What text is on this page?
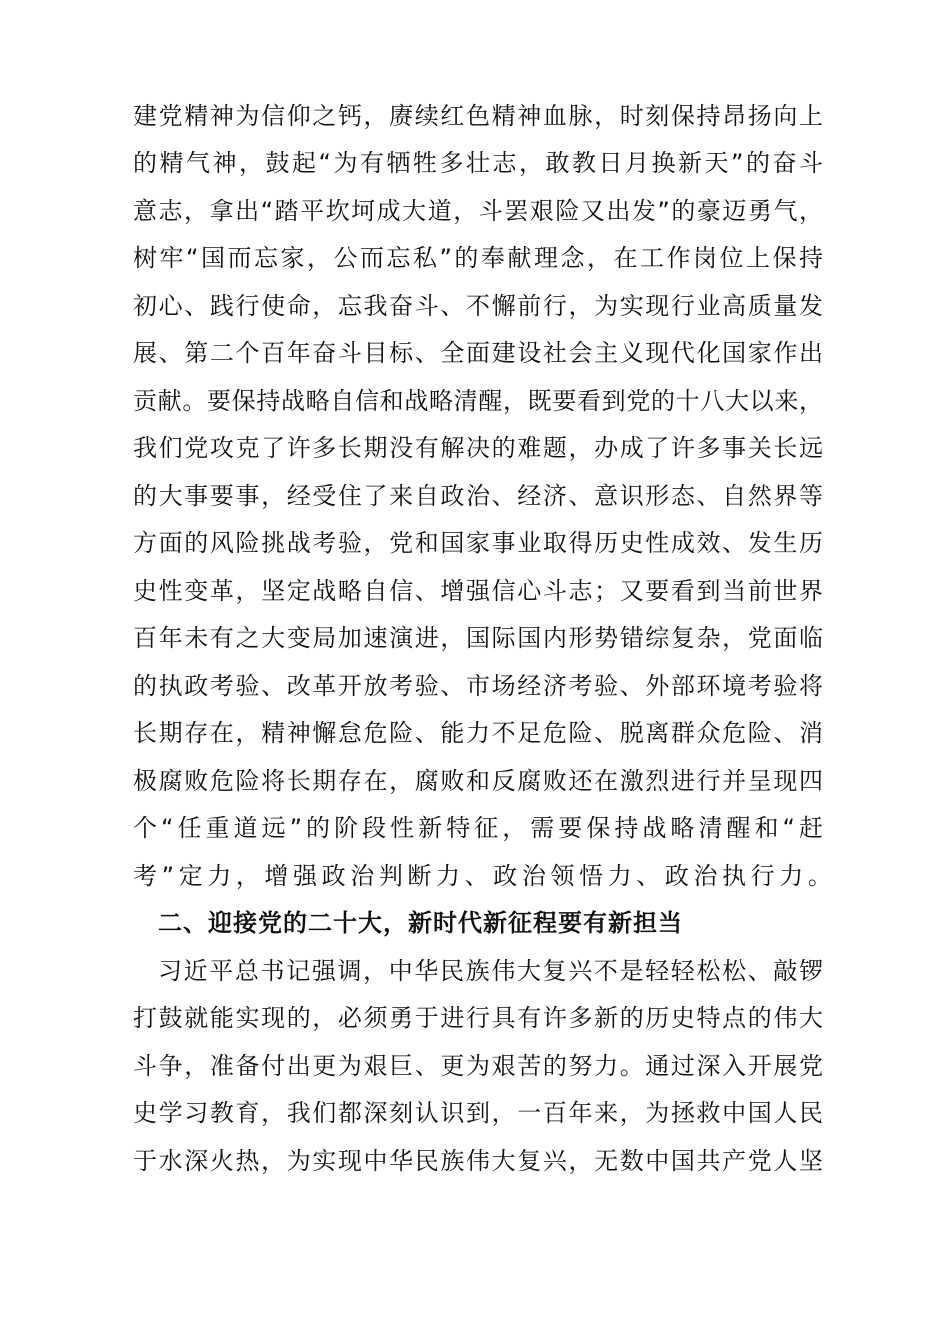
建党精神为信仰之钙，赓续红色精神血脉，时刻保持昂扬向上
的精气神，鼓起“为有牺牲多壮志，敢教日月换新天”的奋斗
意志，拿出“踏平坎坷成大道，斗罢艰险又出发”的豪迈勇气，
树牢“国而忘家，公而忘私”的奉献理念，在工作岗位上保持
初心、践行使命，忘我奋斗、不懈前行，为实现行业高质量发
展、第二个百年奋斗目标、全面建设社会主义现代化国家作出
贡献。要保持战略自信和战略清醒，既要看到党的十八大以来，
我们党攻克了许多长期没有解决的难题，办成了许多事关长远
的大事要事，经受住了来自政治、经济、意识形态、自然界等
方面的风险挑战考验，党和国家事业取得历史性成效、发生历
史性变革，坚定战略自信、增强信心斗志；又要看到当前世界
百年未有之大变局加速演进，国际国内形势错综复杂，党面临
的执政考验、改革开放考验、市场经济考验、外部环境考验将
长期存在，精神懈怠危险、能力不足危险、脱离群众危险、消
极腐败危险将长期存在，腐败和反腐败还在激烈进行并呈现四
个“任重道远”的阶段性新特征，需要保持战略清醒和“赶
考”定力，增强政治判断力、政治领悟力、政治执行力。
二、迎接党的二十大，新时代新征程要有新担当
习近平总书记强调，中华民族伟大复兴不是轻轻松松、敲锣
打鼓就能实现的，必须勇于进行具有许多新的历史特点的伟大
斗争，准备付出更为艰巨、更为艰苦的努力。通过深入开展党
史学习教育，我们都深刻认识到，一百年来，为拯救中国人民
于水深火热，为实现中华民族伟大复兴，无数中国共产党人坚
